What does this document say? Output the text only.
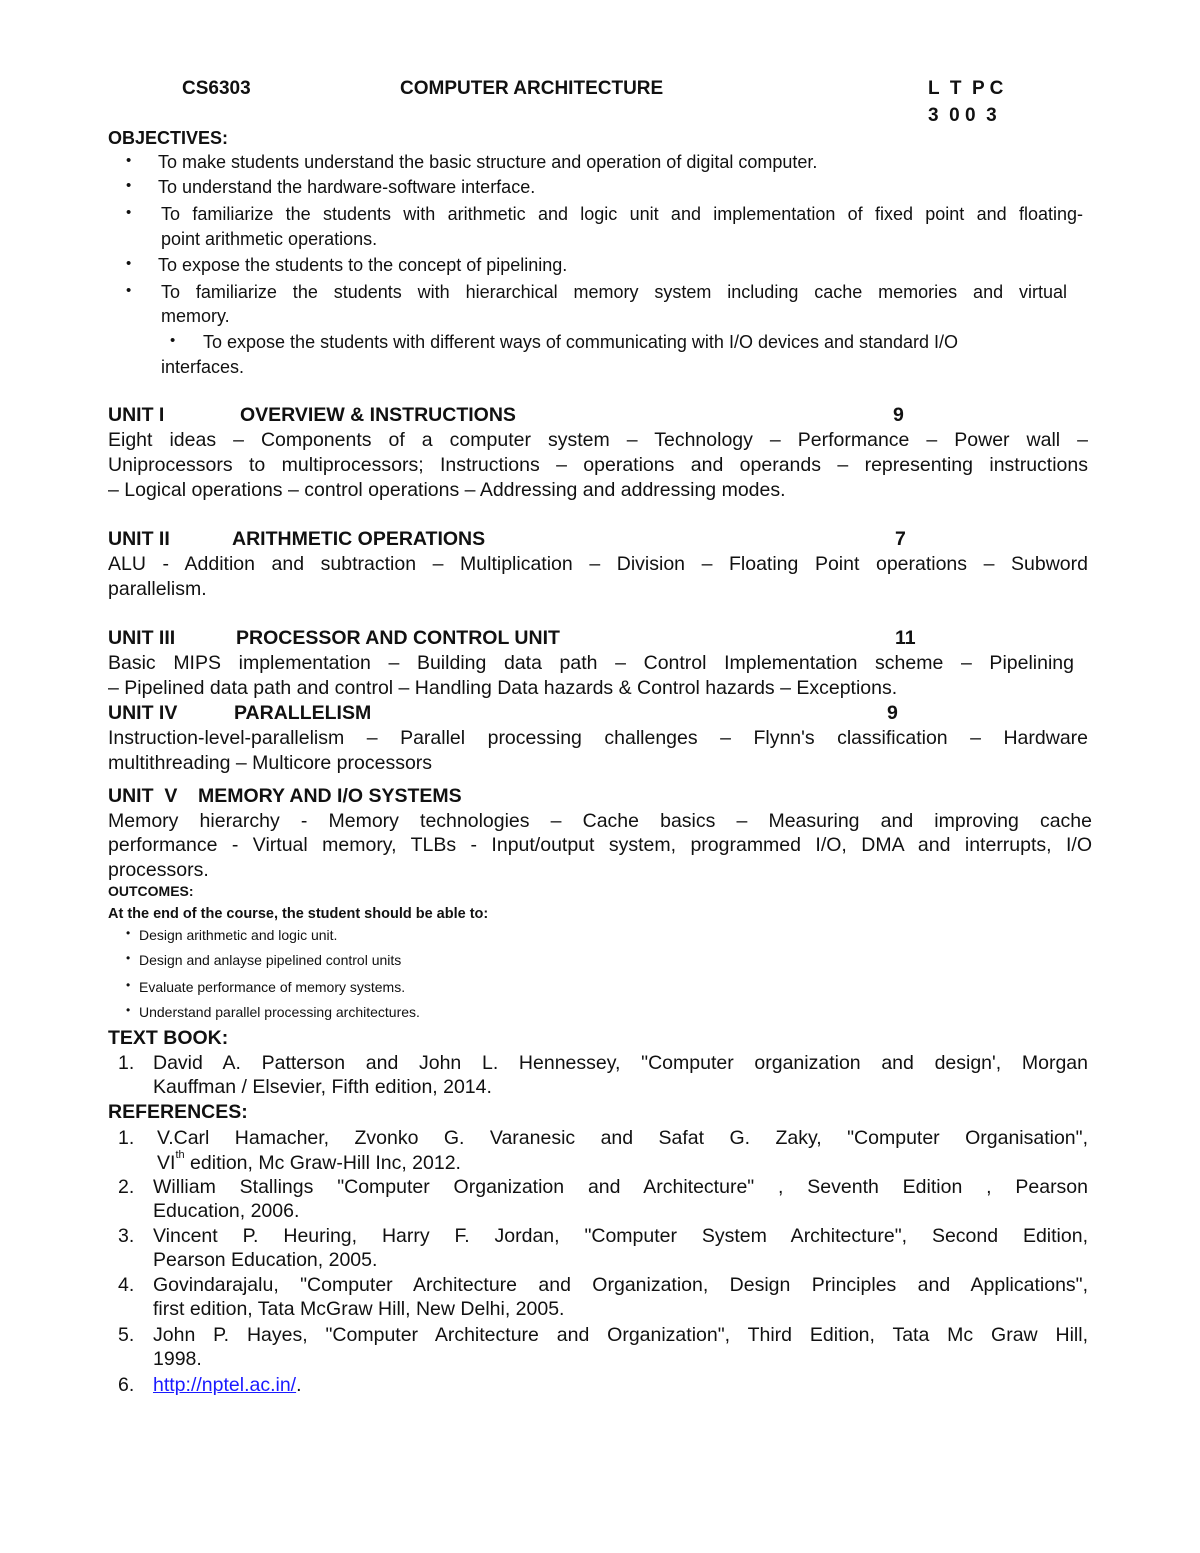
CS6303	COMPUTER ARCHITECTURE	L  T  P C
3  0 0  3
OBJECTIVES:
• To make students understand the basic structure and operation of digital computer.
• To understand the hardware-software interface.
• To familiarize the students with arithmetic and logic unit and implementation of fixed point and floating-
point arithmetic operations.
• To expose the students to the concept of pipelining.
• To familiarize the students with hierarchical memory system including cache memories and virtual
memory.
• To expose the students with different ways of communicating with I/O devices and standard I/O
interfaces.
UNIT I	OVERVIEW & INSTRUCTIONS	9
Eight ideas – Components of a computer system – Technology – Performance – Power wall –
Uniprocessors to multiprocessors; Instructions – operations and operands – representing instructions
– Logical operations – control operations – Addressing and addressing modes.
UNIT II	ARITHMETIC OPERATIONS	7
ALU - Addition and subtraction – Multiplication – Division – Floating Point operations – Subword
parallelism.
UNIT III	PROCESSOR AND CONTROL UNIT	11
Basic MIPS implementation – Building data path – Control Implementation scheme – Pipelining
– Pipelined data path and control – Handling Data hazards & Control hazards – Exceptions.
UNIT IV	PARALLELISM	9
Instruction-level-parallelism – Parallel processing challenges – Flynn's classification – Hardware
multithreading – Multicore processors
UNIT  V MEMORY AND I/O SYSTEMS
Memory hierarchy - Memory technologies – Cache basics – Measuring and improving cache
performance - Virtual memory, TLBs - Input/output system, programmed I/O, DMA and interrupts, I/O
processors.
OUTCOMES:
At the end of the course, the student should be able to:
• Design arithmetic and logic unit.
• Design and anlayse pipelined control units
• Evaluate performance of memory systems.
• Understand parallel processing architectures.
TEXT BOOK:
1. David A. Patterson and John L. Hennessey, "Computer organization and design', Morgan
Kauffman / Elsevier, Fifth edition, 2014.
REFERENCES:
1. V.Carl Hamacher, Zvonko G. Varanesic and Safat G. Zaky, "Computer Organisation",
VIth edition, Mc Graw-Hill Inc, 2012.
2. William Stallings "Computer Organization and Architecture" , Seventh Edition , Pearson
Education, 2006.
3. Vincent P. Heuring, Harry F. Jordan, "Computer System Architecture", Second Edition,
Pearson Education, 2005.
4. Govindarajalu, "Computer Architecture and Organization, Design Principles and Applications",
first edition, Tata McGraw Hill, New Delhi, 2005.
5. John P. Hayes, "Computer Architecture and Organization", Third Edition, Tata Mc Graw Hill,
1998.
6. http://nptel.ac.in/.
